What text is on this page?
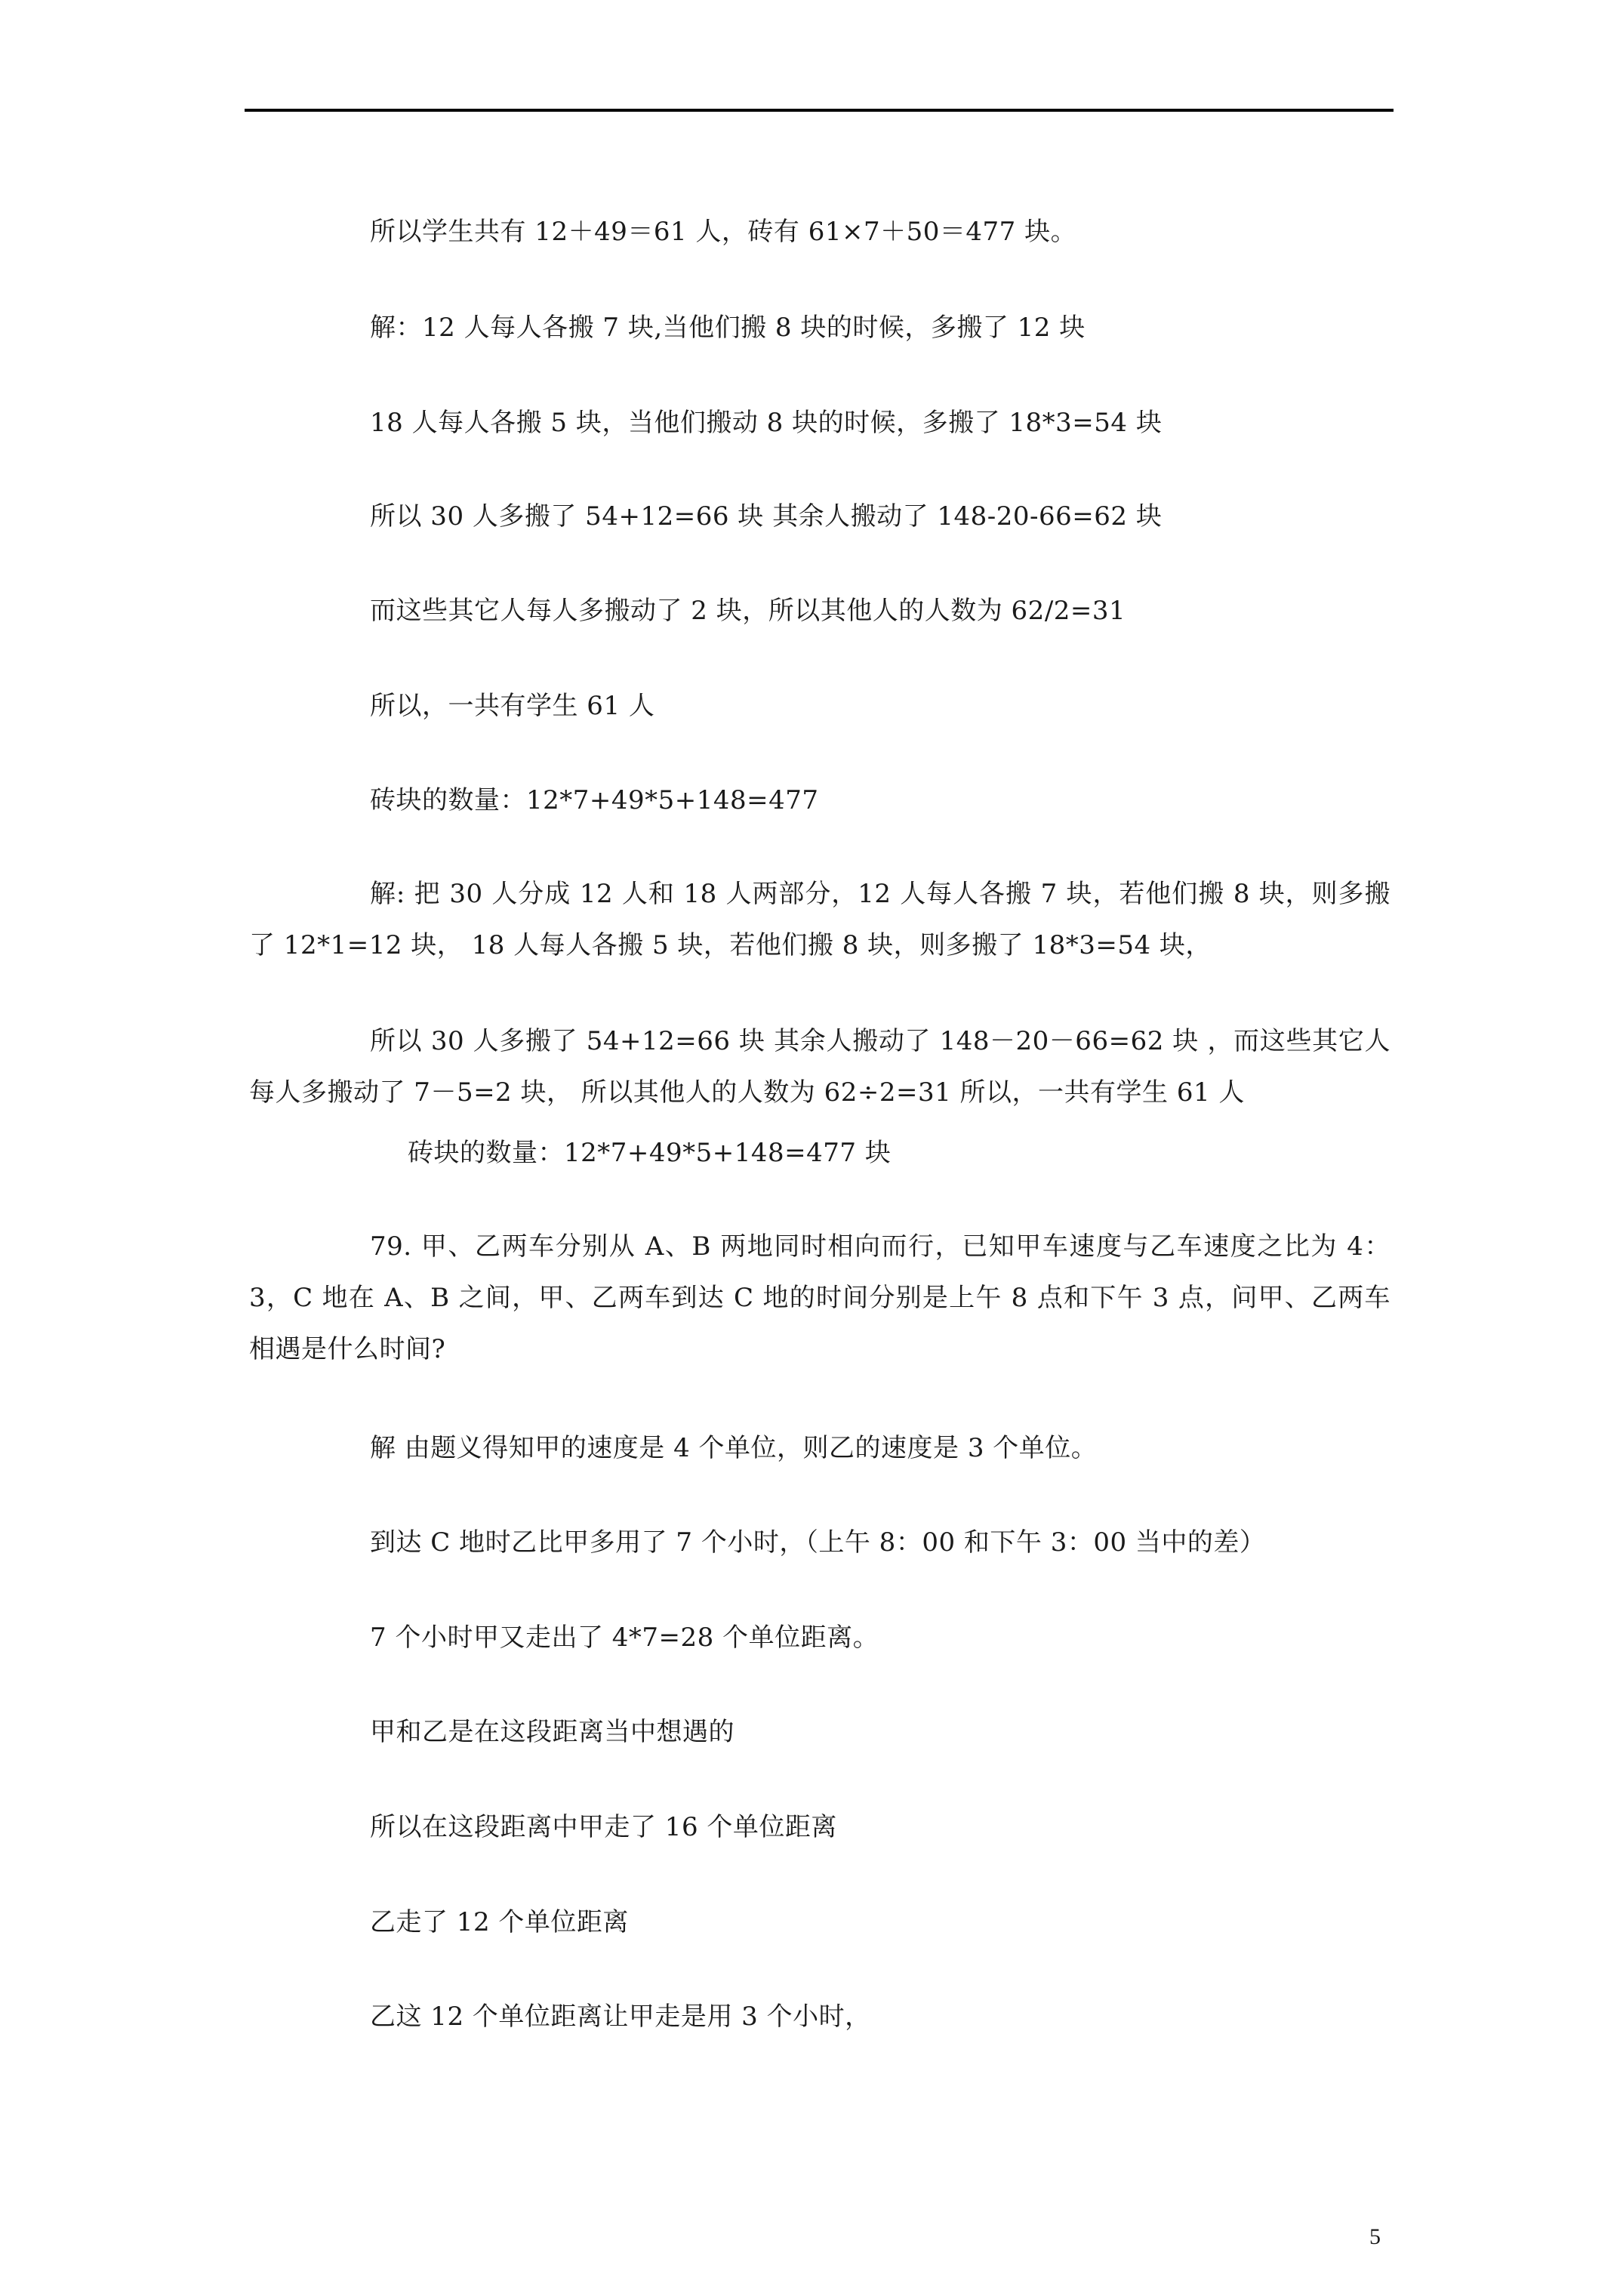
所以学生共有 12＋49＝61 人，砖有 61×7＋50＝477 块。
解：12 人每人各搬 7 块,当他们搬 8 块的时候，多搬了 12 块
18 人每人各搬 5 块，当他们搬动 8 块的时候，多搬了 18*3=54 块
所以 30 人多搬了 54+12=66 块 其余人搬动了 148-20-66=62 块
而这些其它人每人多搬动了 2 块，所以其他人的人数为 62/2=31
所以，一共有学生 61 人
砖块的数量：12*7+49*5+148=477

解: 把 30 人分成 12 人和 18 人两部分，12 人每人各搬 7 块，若他们搬 8 块，则多搬了 12*1=12 块， 18 人每人各搬 5 块，若他们搬 8 块，则多搬了 18*3=54 块，

所以 30 人多搬了 54+12=66 块 其余人搬动了 148－20－66=62 块 ，而这些其它人每人多搬动了 7－5=2 块， 所以其他人的人数为 62÷2=31 所以，一共有学生 61 人

砖块的数量：12*7+49*5+148=477 块

79. 甲、乙两车分别从 A、B 两地同时相向而行，已知甲车速度与乙车速度之比为 4：3，C 地在 A、B 之间，甲、乙两车到达 C 地的时间分别是上午 8 点和下午 3 点，问甲、乙两车相遇是什么时间?

解 由题义得知甲的速度是 4 个单位，则乙的速度是 3 个单位。
到达 C 地时乙比甲多用了 7 个小时，（上午 8：00 和下午 3：00 当中的差）
7 个小时甲又走出了 4*7=28 个单位距离。
甲和乙是在这段距离当中想遇的
所以在这段距离中甲走了 16 个单位距离
乙走了 12 个单位距离
乙这 12 个单位距离让甲走是用 3 个小时，
5
